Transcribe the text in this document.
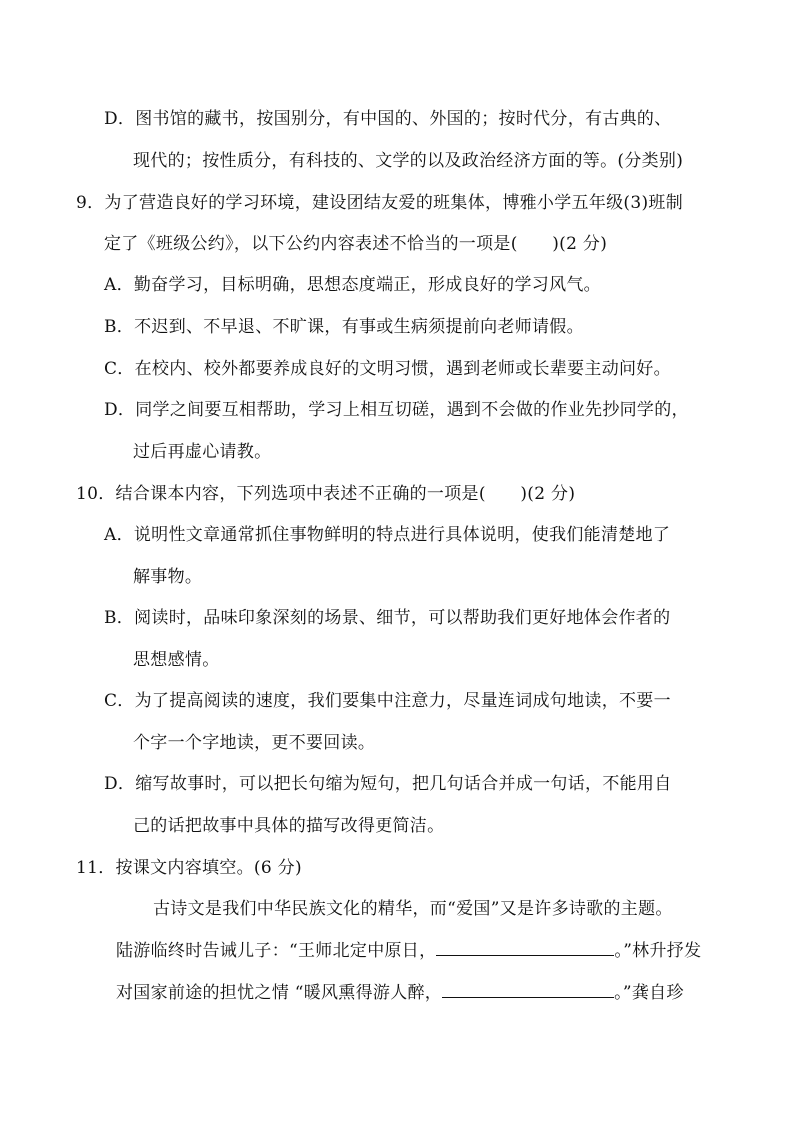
D．图书馆的藏书，按国别分，有中国的、外国的；按时代分，有古典的、
现代的；按性质分，有科技的、文学的以及政治经济方面的等。(分类别)
9．为了营造良好的学习环境，建设团结友爱的班集体，博雅小学五年级(3)班制
定了《班级公约》，以下公约内容表述不恰当的一项是(　　)(2 分)
A．勤奋学习，目标明确，思想态度端正，形成良好的学习风气。
B．不迟到、不早退、不旷课，有事或生病须提前向老师请假。
C．在校内、校外都要养成良好的文明习惯，遇到老师或长辈要主动问好。
D．同学之间要互相帮助，学习上相互切磋，遇到不会做的作业先抄同学的，
过后再虚心请教。
10．结合课本内容，下列选项中表述不正确的一项是(　　)(2 分)
A．说明性文章通常抓住事物鲜明的特点进行具体说明，使我们能清楚地了
解事物。
B．阅读时，品味印象深刻的场景、细节，可以帮助我们更好地体会作者的
思想感情。
C．为了提高阅读的速度，我们要集中注意力，尽量连词成句地读，不要一
个字一个字地读，更不要回读。
D．缩写故事时，可以把长句缩为短句，把几句话合并成一句话，不能用自
己的话把故事中具体的描写改得更简洁。
11．按课文内容填空。(6 分)
古诗文是我们中华民族文化的精华，而“爱国”又是许多诗歌的主题。
陆游临终时告诫儿子：“王师北定中原日，	。”林升抒发
对国家前途的担忧之情 “暖风熏得游人醉，	。”龚自珍
